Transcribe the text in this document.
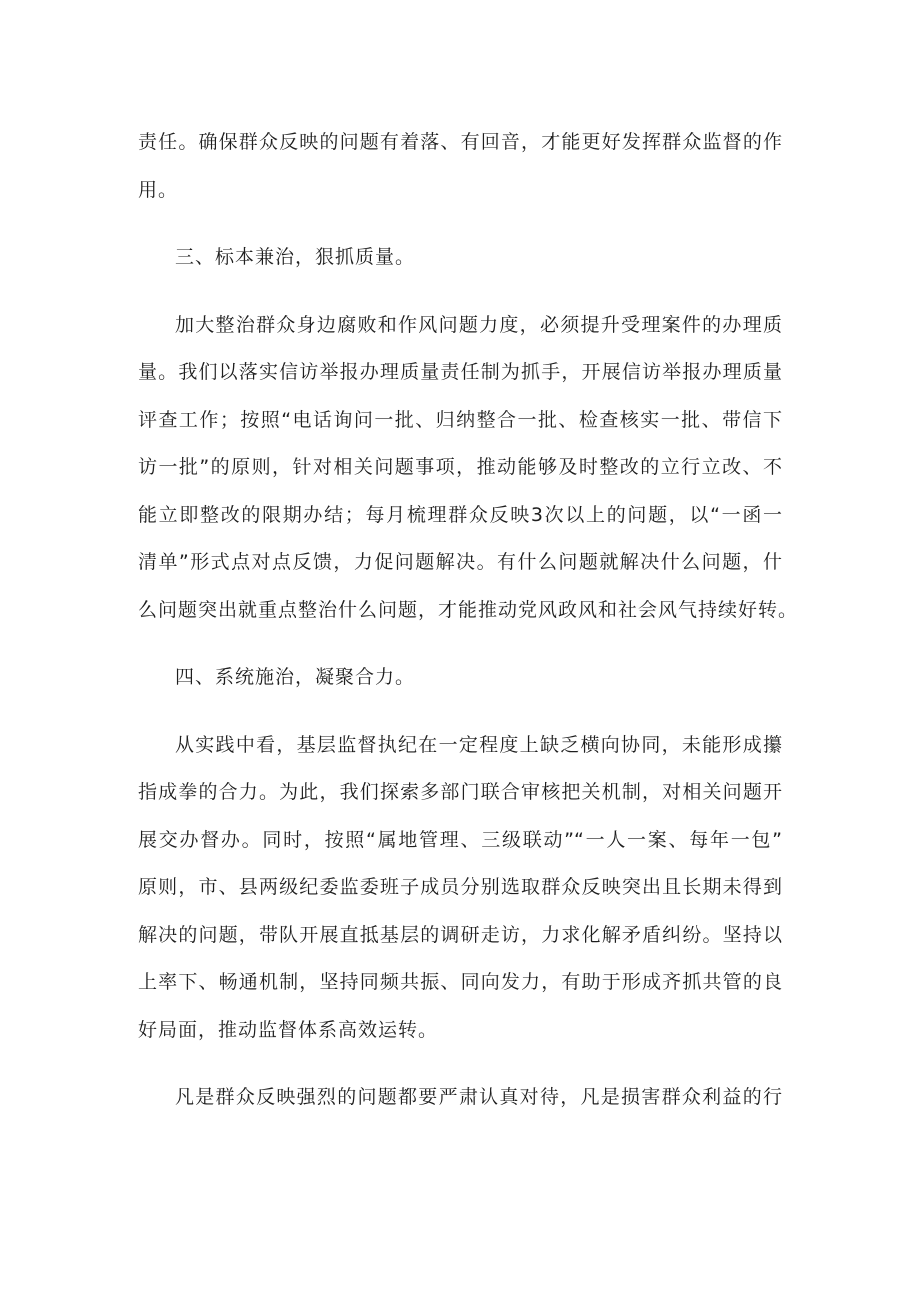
责任。确保群众反映的问题有着落、有回音，才能更好发挥群众监督的作
用。
三、标本兼治，狠抓质量。
加大整治群众身边腐败和作风问题力度，必须提升受理案件的办理质
量。我们以落实信访举报办理质量责任制为抓手，开展信访举报办理质量
评查工作；按照“电话询问一批、归纳整合一批、检查核实一批、带信下
访一批”的原则，针对相关问题事项，推动能够及时整改的立行立改、不
能立即整改的限期办结；每月梳理群众反映3次以上的问题，以“一函一
清单”形式点对点反馈，力促问题解决。有什么问题就解决什么问题，什
么问题突出就重点整治什么问题，才能推动党风政风和社会风气持续好转。
四、系统施治，凝聚合力。
从实践中看，基层监督执纪在一定程度上缺乏横向协同，未能形成攥
指成拳的合力。为此，我们探索多部门联合审核把关机制，对相关问题开
展交办督办。同时，按照“属地管理、三级联动”“一人一案、每年一包”
原则，市、县两级纪委监委班子成员分别选取群众反映突出且长期未得到
解决的问题，带队开展直抵基层的调研走访，力求化解矛盾纠纷。坚持以
上率下、畅通机制，坚持同频共振、同向发力，有助于形成齐抓共管的良
好局面，推动监督体系高效运转。
凡是群众反映强烈的问题都要严肃认真对待，凡是损害群众利益的行
